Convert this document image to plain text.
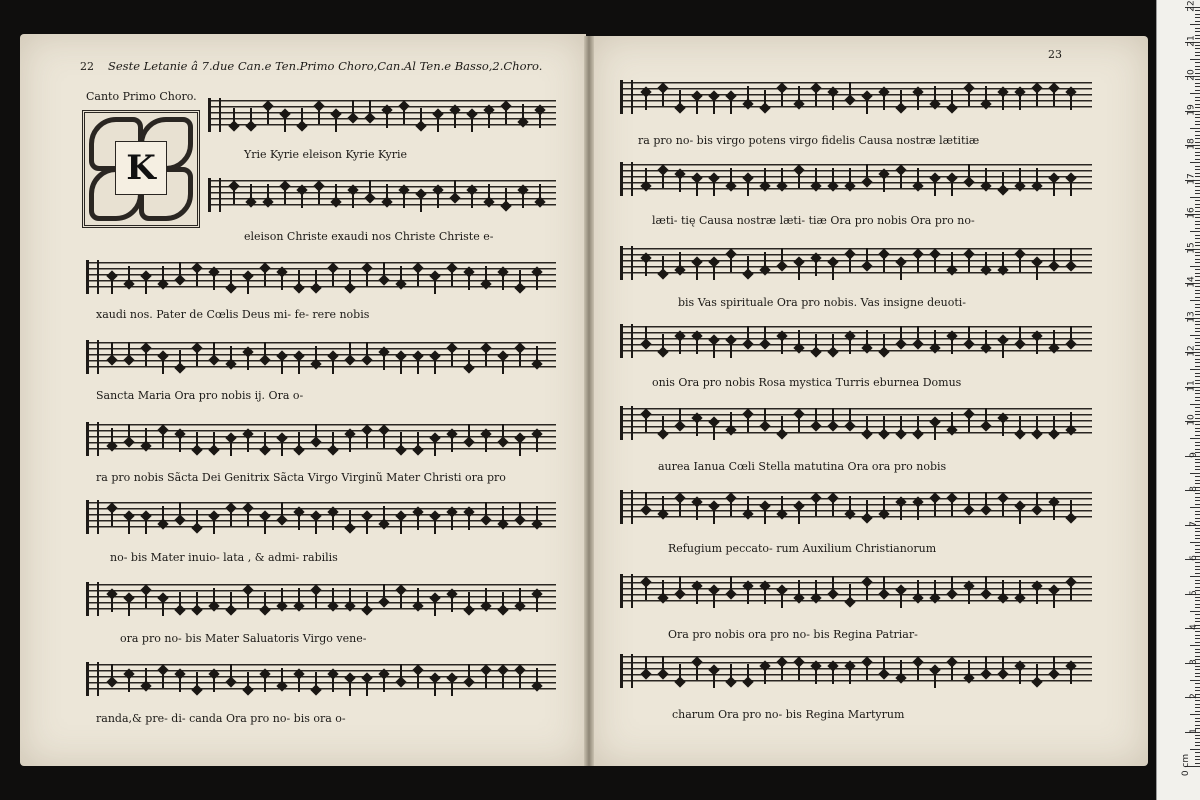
22 Seste Letanie â 7.due Can.e Ten.Primo Choro,Can.Al Ten.e Basso,2.Choro.
23
Canto Primo Choro.
K	Yrie Kyrie eleison Kyrie Kyrie
eleison Christe exaudi nos Christe Christe e-
xaudi nos. Pater de Cœlis Deus mi- fe- rere nobis
Sancta Maria Ora pro nobis ij. Ora o-
ra pro nobis Sãcta Dei Genitrix Sãcta Virgo Virginũ Mater Christi ora pro
no- bis Mater inuio- lata , & admi- rabilis
ora pro no- bis Mater Saluatoris Virgo vene-
randa,& pre- di- canda Ora pro no- bis ora o-
ra pro no- bis virgo potens virgo fidelis Causa nostræ lætitiæ
læti- tię Causa nostræ læti- tiæ Ora pro nobis Ora pro no-
bis Vas spirituale Ora pro nobis. Vas insigne deuoti-
onis Ora pro nobis Rosa mystica Turris eburnea Domus
aurea Ianua Cœli Stella matutina Ora ora pro nobis
Refugium peccato- rum Auxilium Christianorum
Ora pro nobis ora pro no- bis Regina Patriar-
charum Ora pro no- bis Regina Martyrum
0 cm
1
2
3
4
5
6
7
8
9
10
11
12
13
14
15
16
17
18
19
20
21
22
